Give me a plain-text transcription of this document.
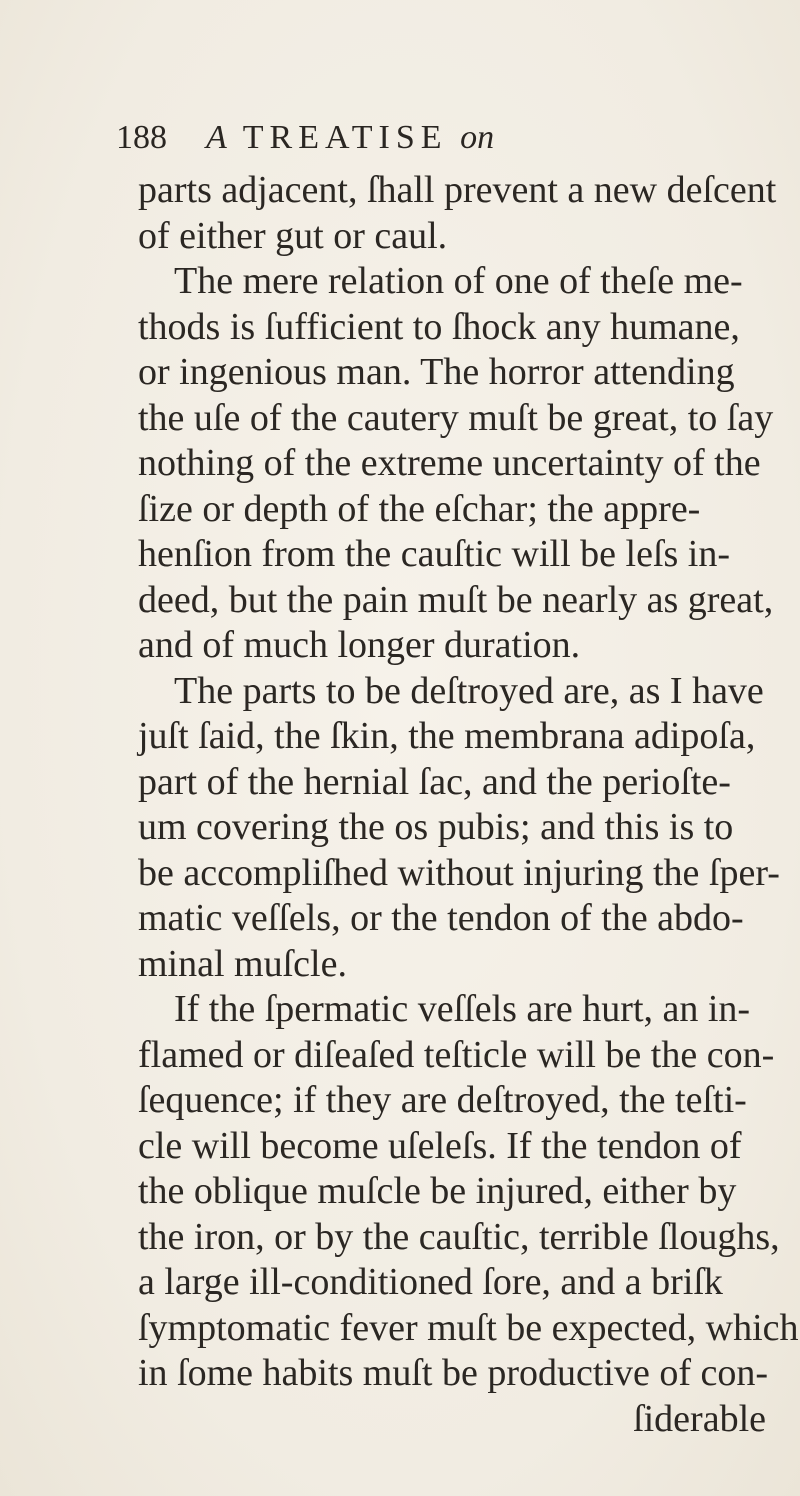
188 A TREATISE on
parts adjacent, ſhall prevent a new deſcent
of either gut or caul.
The mere relation of one of theſe me-
thods is ſufficient to ſhock any humane,
or ingenious man. The horror attending
the uſe of the cautery muſt be great, to ſay
nothing of the extreme uncertainty of the
ſize or depth of the eſchar; the appre-
henſion from the cauſtic will be leſs in-
deed, but the pain muſt be nearly as great,
and of much longer duration.
The parts to be deſtroyed are, as I have
juſt ſaid, the ſkin, the membrana adipoſa,
part of the hernial ſac, and the perioſte-
um covering the os pubis; and this is to
be accompliſhed without injuring the ſper-
matic veſſels, or the tendon of the abdo-
minal muſcle.
If the ſpermatic veſſels are hurt, an in-
flamed or diſeaſed teſticle will be the con-
ſequence; if they are deſtroyed, the teſti-
cle will become uſeleſs. If the tendon of
the oblique muſcle be injured, either by
the iron, or by the cauſtic, terrible ſloughs,
a large ill-conditioned ſore, and a briſk
ſymptomatic fever muſt be expected, which
in ſome habits muſt be productive of con-
ſiderable
